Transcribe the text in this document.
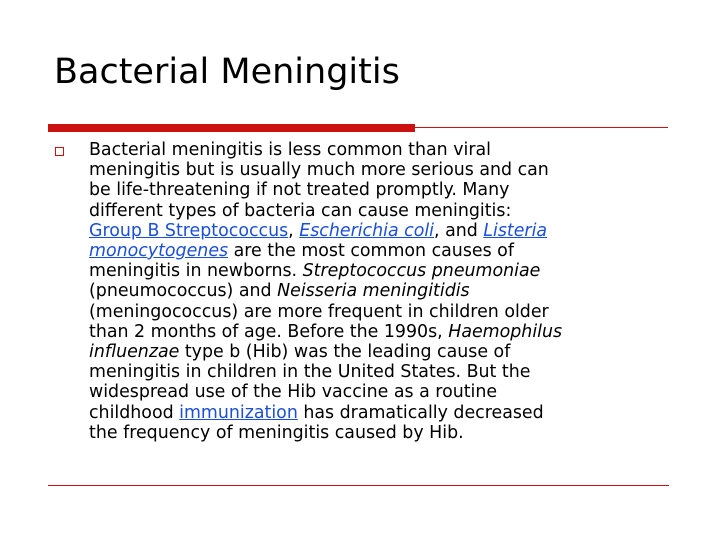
Bacterial Meningitis
Bacterial meningitis is less common than viral
meningitis but is usually much more serious and can
be life-threatening if not treated promptly. Many
different types of bacteria can cause meningitis:
Group B Streptococcus, Escherichia coli, and Listeria
monocytogenes are the most common causes of
meningitis in newborns. Streptococcus pneumoniae
(pneumococcus) and Neisseria meningitidis
(meningococcus) are more frequent in children older
than 2 months of age. Before the 1990s, Haemophilus
influenzae type b (Hib) was the leading cause of
meningitis in children in the United States. But the
widespread use of the Hib vaccine as a routine
childhood immunization has dramatically decreased
the frequency of meningitis caused by Hib.
